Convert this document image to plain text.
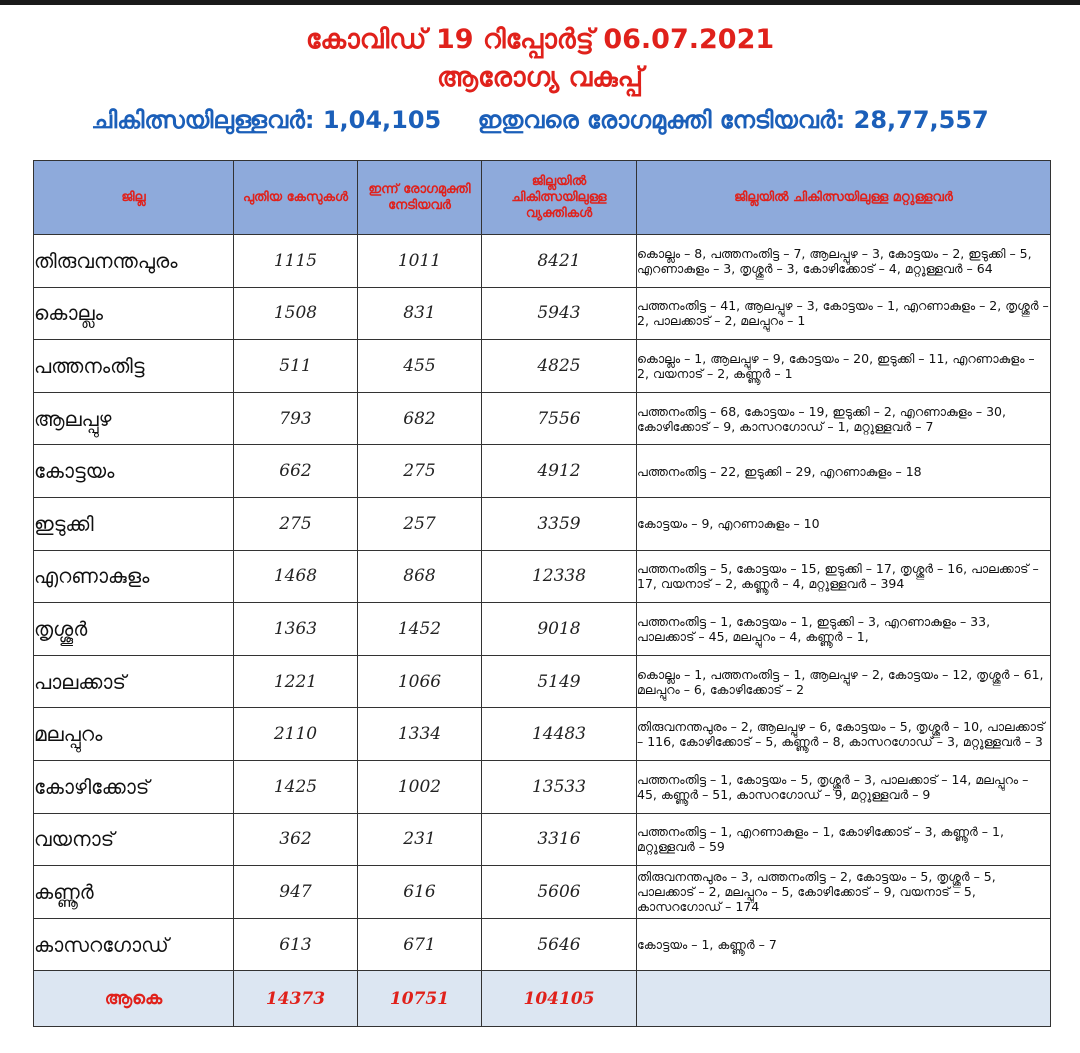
കോവിഡ് 19 റിപ്പോർട്ട് 06.07.2021
ആരോഗ്യ വകുപ്പ്
ചികിത്സയിലുള്ളവർ: 1,04,105 ഇതുവരെ രോഗമുക്തി നേടിയവർ: 28,77,557
ജില്ല	പുതിയ കേസുകൾ	ഇന്ന് രോഗമുക്തി നേടിയവർ	ജില്ലയിൽ ചികിത്സയിലുള്ള വ്യക്തികൾ	ജില്ലയിൽ ചികിത്സയിലുള്ള മറ്റുള്ളവർ
തിരുവനന്തപുരം	1115	1011	8421	കൊല്ലം – 8, പത്തനംതിട്ട – 7, ആലപ്പുഴ – 3, കോട്ടയം – 2, ഇടുക്കി – 5, എറണാകുളം – 3, തൃശ്ശൂർ – 3, കോഴിക്കോട് – 4, മറ്റുള്ളവർ – 64
കൊല്ലം	1508	831	5943	പത്തനംതിട്ട – 41, ആലപ്പുഴ – 3, കോട്ടയം – 1, എറണാകുളം – 2, തൃശ്ശൂർ – 2, പാലക്കാട് – 2, മലപ്പുറം – 1
പത്തനംതിട്ട	511	455	4825	കൊല്ലം – 1, ആലപ്പുഴ – 9, കോട്ടയം – 20, ഇടുക്കി – 11, എറണാകുളം – 2, വയനാട് – 2, കണ്ണൂർ – 1
ആലപ്പുഴ	793	682	7556	പത്തനംതിട്ട – 68, കോട്ടയം – 19, ഇടുക്കി – 2, എറണാകുളം – 30, കോഴിക്കോട് – 9, കാസറഗോഡ് – 1, മറ്റുള്ളവർ – 7
കോട്ടയം	662	275	4912	പത്തനംതിട്ട – 22, ഇടുക്കി – 29, എറണാകുളം – 18
ഇടുക്കി	275	257	3359	കോട്ടയം – 9, എറണാകുളം – 10
എറണാകുളം	1468	868	12338	പത്തനംതിട്ട – 5, കോട്ടയം – 15, ഇടുക്കി – 17, തൃശ്ശൂർ – 16, പാലക്കാട് – 17, വയനാട് – 2, കണ്ണൂർ – 4, മറ്റുള്ളവർ – 394
തൃശ്ശൂർ	1363	1452	9018	പത്തനംതിട്ട – 1, കോട്ടയം – 1, ഇടുക്കി – 3, എറണാകുളം – 33, പാലക്കാട് – 45, മലപ്പുറം – 4, കണ്ണൂർ – 1,
പാലക്കാട്	1221	1066	5149	കൊല്ലം – 1, പത്തനംതിട്ട – 1, ആലപ്പുഴ – 2, കോട്ടയം – 12, തൃശ്ശൂർ – 61, മലപ്പുറം – 6, കോഴിക്കോട് – 2
മലപ്പുറം	2110	1334	14483	തിരുവനന്തപുരം – 2, ആലപ്പുഴ – 6, കോട്ടയം – 5, തൃശ്ശൂർ – 10, പാലക്കാട് – 116, കോഴിക്കോട് – 5, കണ്ണൂർ – 8, കാസറഗോഡ് – 3, മറ്റുള്ളവർ – 3
കോഴിക്കോട്	1425	1002	13533	പത്തനംതിട്ട – 1, കോട്ടയം – 5, തൃശ്ശൂർ – 3, പാലക്കാട് – 14, മലപ്പുറം – 45, കണ്ണൂർ – 51, കാസറഗോഡ് – 9, മറ്റുള്ളവർ – 9
വയനാട്	362	231	3316	പത്തനംതിട്ട – 1, എറണാകുളം – 1, കോഴിക്കോട് – 3, കണ്ണൂർ – 1, മറ്റുള്ളവർ – 59
കണ്ണൂർ	947	616	5606	തിരുവനന്തപുരം – 3, പത്തനംതിട്ട – 2, കോട്ടയം – 5, തൃശ്ശൂർ – 5, പാലക്കാട് – 2, മലപ്പുറം – 5, കോഴിക്കോട് – 9, വയനാട് – 5, കാസറഗോഡ് – 174
കാസറഗോഡ്	613	671	5646	കോട്ടയം – 1, കണ്ണൂർ – 7
ആകെ	14373	10751	104105	
